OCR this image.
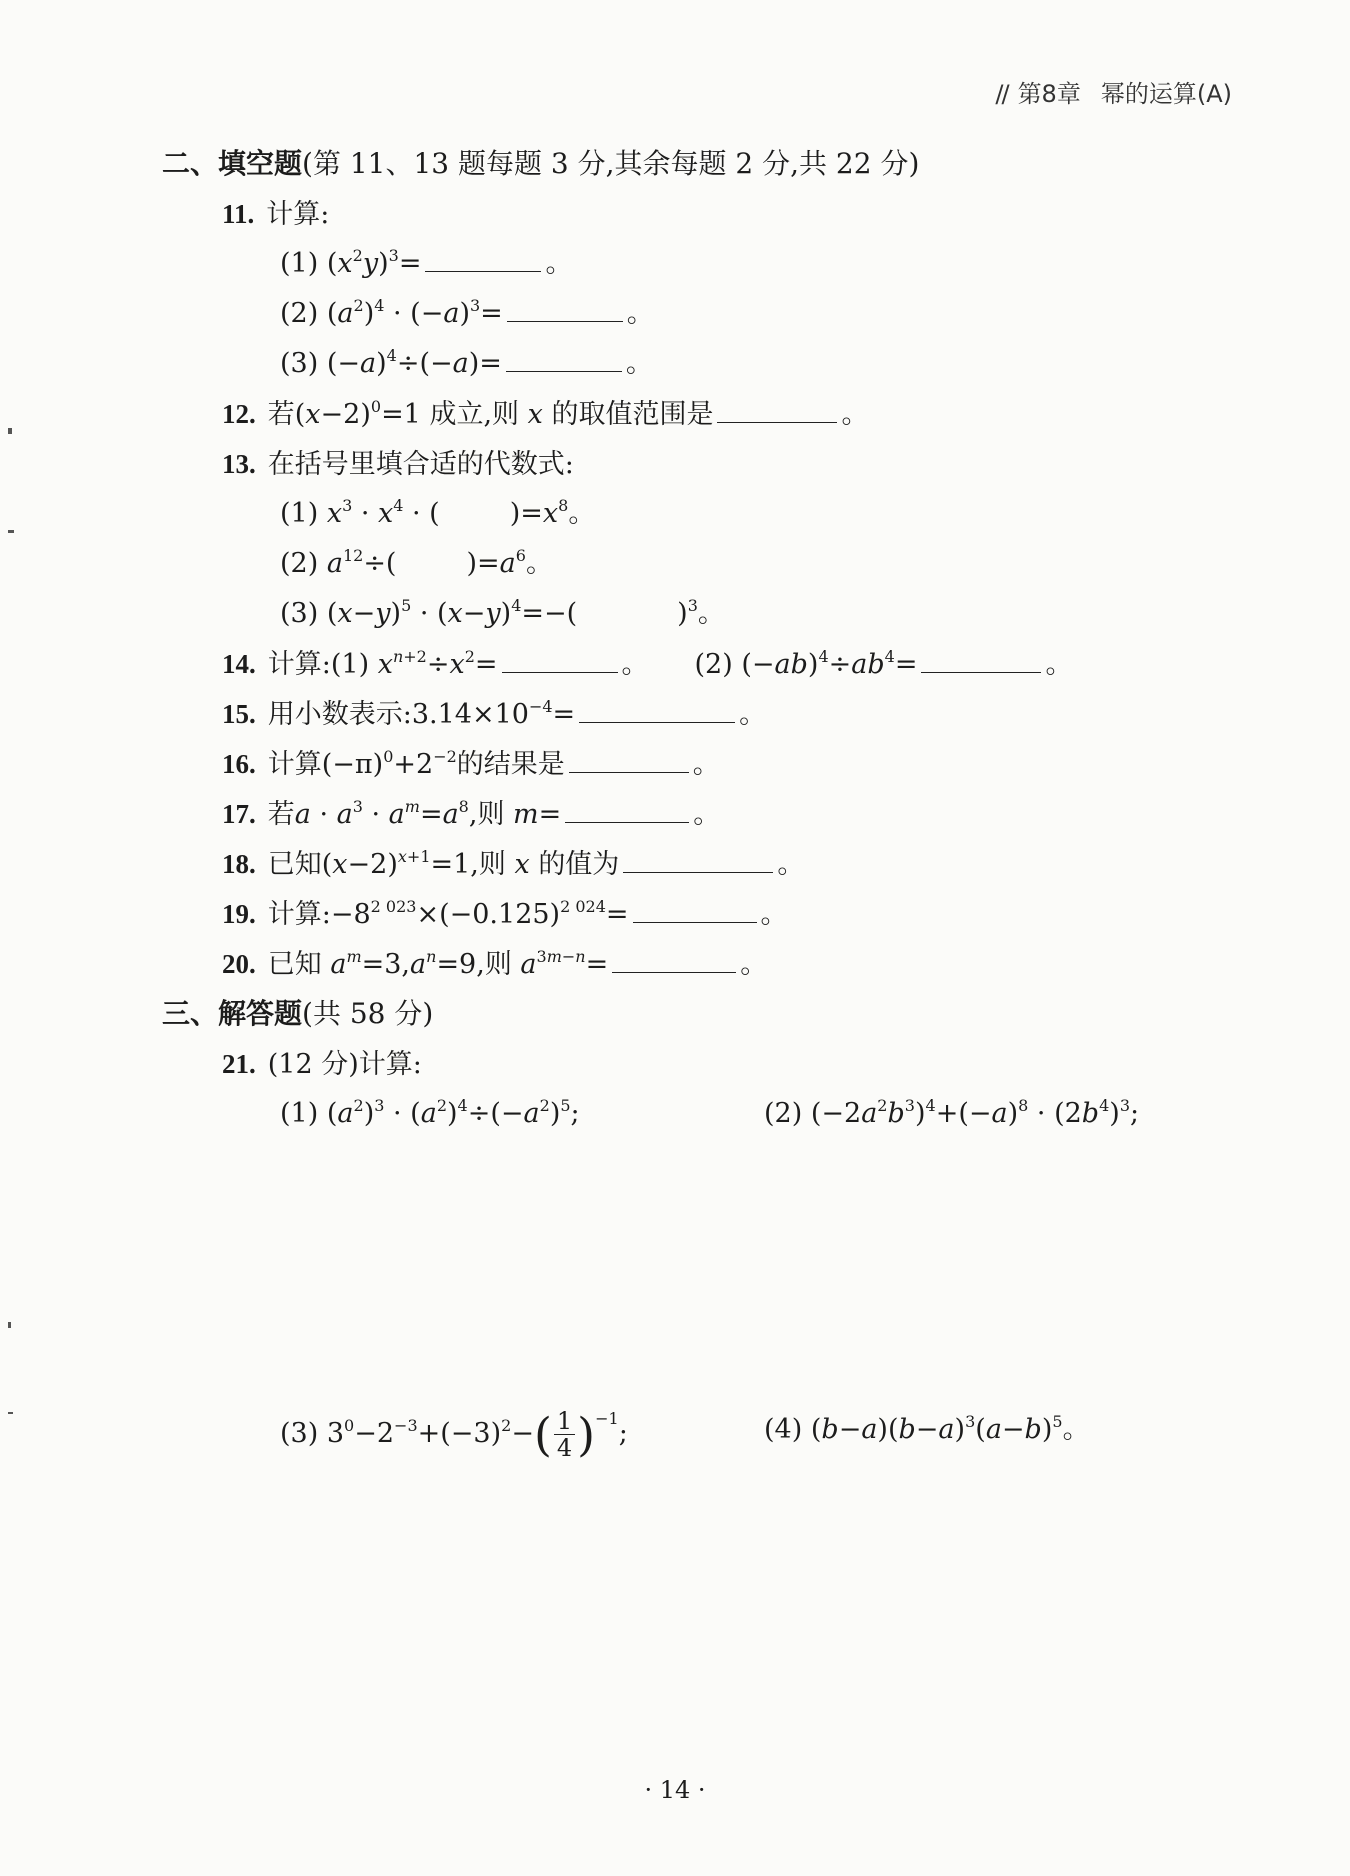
// 第8章 幂的运算(A)
二、填空题(第 11、13 题每题 3 分,其余每题 2 分,共 22 分)
11. 计算:
(1) $(x^2y)^3=$	。
(2) $(a^2)^4 \cdot (-a)^3=$	。
(3) $(-a)^4\div(-a)=$	。
12. 若$(x-2)^0=1$ 成立,则 x 的取值范围是	。
13. 在括号里填合适的代数式:
(1) $x^3 \cdot x^4$ · (	)$=x^8$。
(2) $a^{12}\div$(	)$=a^6$。
(3) $(x-y)^5 \cdot (x-y)^4=-$(	)$^3$。
14. 计算:(1) $x^{n+2}\div x^2=$	。 (2) $(-ab)^4\div ab^4=$	。
15. 用小数表示$:3.14\times 10^{-4}=$	。
16. 计算$(-\pi)^0+2^{-2}$的结果是	。
17. 若$a \cdot a^3 \cdot a^m=a^8$,则 m=	。
18. 已知$(x-2)^{x+1}=1$,则 x 的值为	。
19. 计算$:-8^{2 023}\times(-0.125)^{2 024}=$	。
20. 已知 $a^m=3,a^n=9$,则 $a^{3m-n}=$	。
三、解答题(共 58 分)
21. (12 分)计算:
(1) $(a^2)^3 \cdot (a^2)^4\div(-a^2)^5$;	(2) $(-2a^2b^3)^4+(-a)^8 \cdot (2b^4)^3$;
(3) $3^0-2^{-3}+(-3)^2-( \frac{1}{4} )^{-1}$;	(4) $(b-a)(b-a)^3(a-b)^5$。
· 14 ·
